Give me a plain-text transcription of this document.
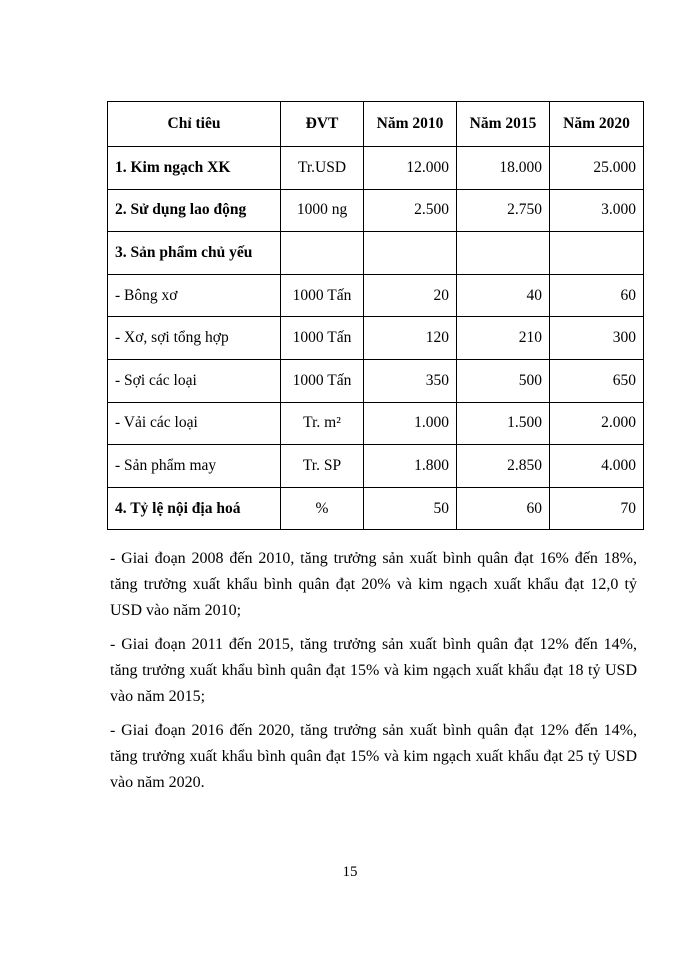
Chỉ tiêu	ĐVT	Năm 2010	Năm 2015	Năm 2020
1. Kim ngạch XK	Tr.USD	12.000	18.000	25.000
2. Sử dụng lao động	1000 ng	2.500	2.750	3.000
3. Sản phẩm chủ yếu				
- Bông xơ	1000 Tấn	20	40	60
- Xơ, sợi tổng hợp	1000 Tấn	120	210	300
- Sợi các loại	1000 Tấn	350	500	650
- Vải các loại	Tr. m²	1.000	1.500	2.000
- Sản phẩm may	Tr. SP	1.800	2.850	4.000
4. Tỷ lệ nội địa hoá	%	50	60	70

- Giai đoạn 2008 đến 2010, tăng trưởng sản xuất bình quân đạt 16% đến 18%, tăng trưởng xuất khẩu bình quân đạt 20% và kim ngạch xuất khẩu đạt 12,0 tỷ USD vào năm 2010;

- Giai đoạn 2011 đến 2015, tăng trưởng sản xuất bình quân đạt 12% đến 14%, tăng trưởng xuất khẩu bình quân đạt 15% và kim ngạch xuất khẩu đạt 18 tỷ USD vào năm 2015;

- Giai đoạn 2016 đến 2020, tăng trưởng sản xuất bình quân đạt 12% đến 14%, tăng trưởng xuất khẩu bình quân đạt 15% và kim ngạch xuất khẩu đạt 25 tỷ USD vào năm 2020.

15
